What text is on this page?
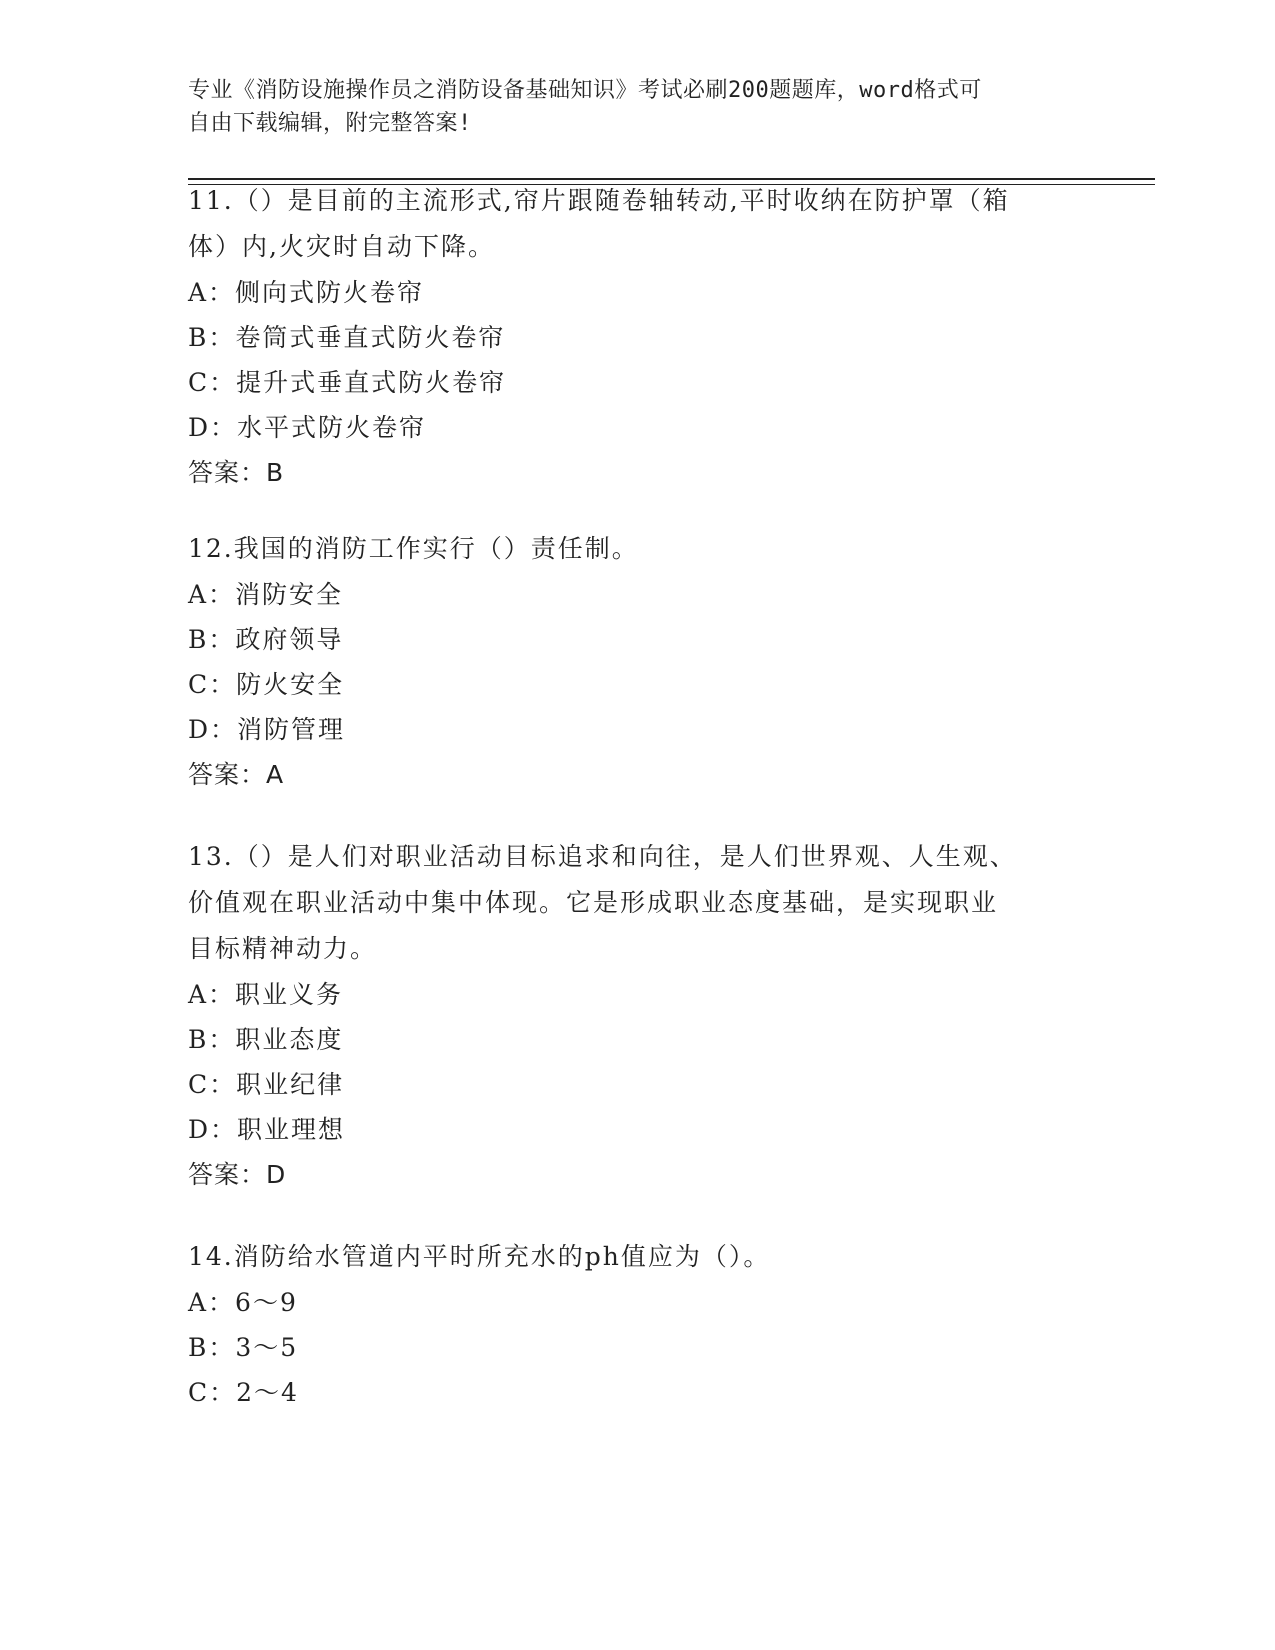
专业《消防设施操作员之消防设备基础知识》考试必刷200题题库，word格式可
自由下载编辑，附完整答案!
11.（）是目前的主流形式,帘片跟随卷轴转动,平时收纳在防护罩（箱
体）内,火灾时自动下降。
A：侧向式防火卷帘
B：卷筒式垂直式防火卷帘
C：提升式垂直式防火卷帘
D：水平式防火卷帘
答案：B
12.我国的消防工作实行（）责任制。
A：消防安全
B：政府领导
C：防火安全
D：消防管理
答案：A
13.（）是人们对职业活动目标追求和向往，是人们世界观、人生观、
价值观在职业活动中集中体现。它是形成职业态度基础，是实现职业
目标精神动力。
A：职业义务
B：职业态度
C：职业纪律
D：职业理想
答案：D
14.消防给水管道内平时所充水的ph值应为（）。
A：6～9
B：3～5
C：2～4
